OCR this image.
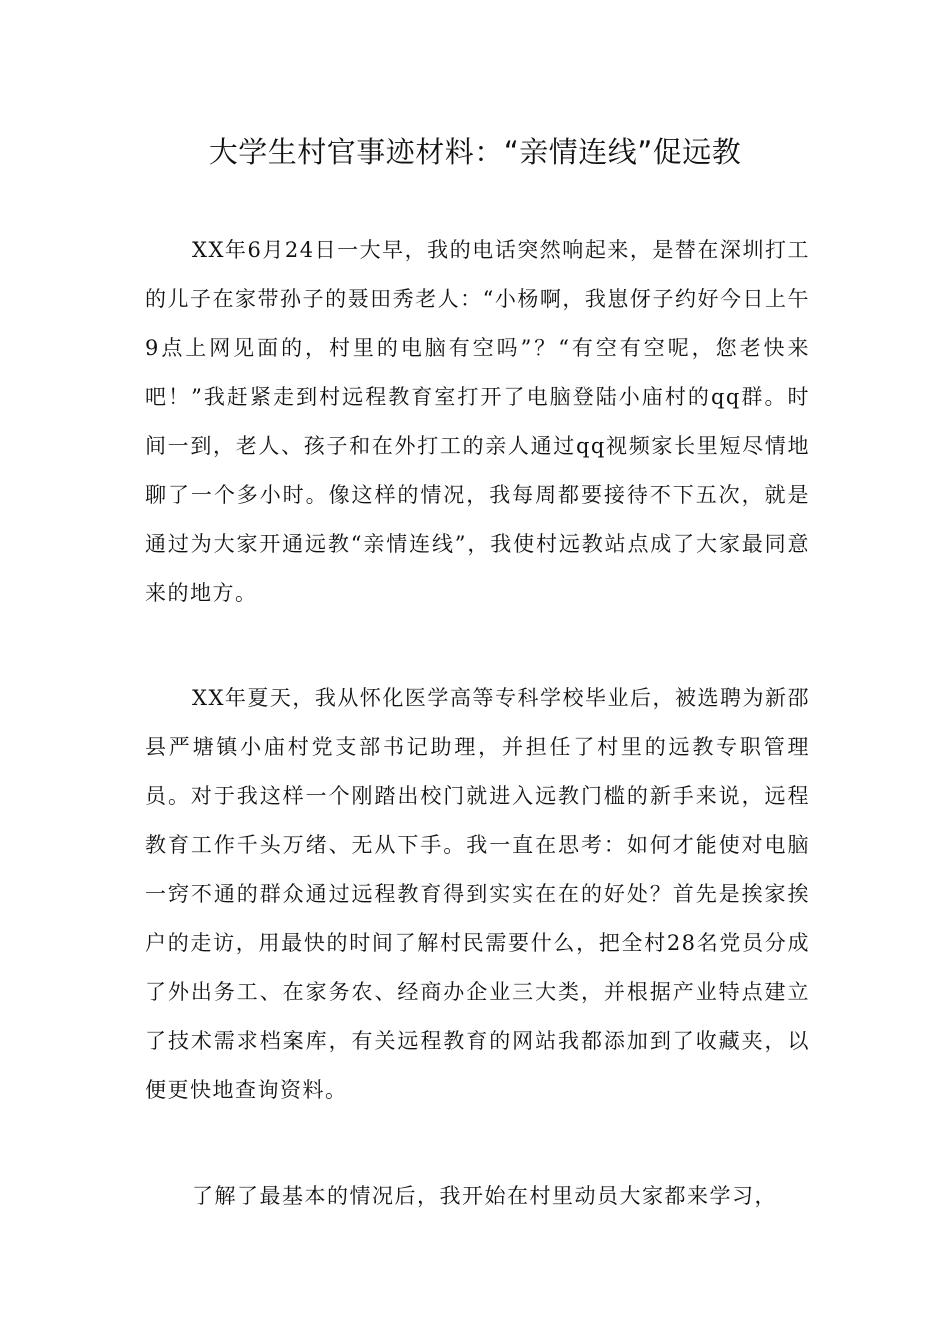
大学生村官事迹材料：“亲情连线”促远教

XX年6月24日一大早，我的电话突然响起来，是替在深圳打工的儿子在家带孙子的聂田秀老人：“小杨啊，我崽伢子约好今日上午9点上网见面的，村里的电脑有空吗”？“有空有空呢，您老快来吧！”我赶紧走到村远程教育室打开了电脑登陆小庙村的qq群。时间一到，老人、孩子和在外打工的亲人通过qq视频家长里短尽情地聊了一个多小时。像这样的情况，我每周都要接待不下五次，就是通过为大家开通远教“亲情连线”，我使村远教站点成了大家最同意来的地方。

XX年夏天，我从怀化医学高等专科学校毕业后，被选聘为新邵县严塘镇小庙村党支部书记助理，并担任了村里的远教专职管理员。对于我这样一个刚踏出校门就进入远教门槛的新手来说，远程教育工作千头万绪、无从下手。我一直在思考：如何才能使对电脑一窍不通的群众通过远程教育得到实实在在的好处？首先是挨家挨户的走访，用最快的时间了解村民需要什么，把全村28名党员分成了外出务工、在家务农、经商办企业三大类，并根据产业特点建立了技术需求档案库，有关远程教育的网站我都添加到了收藏夹，以便更快地查询资料。

了解了最基本的情况后，我开始在村里动员大家都来学习，
